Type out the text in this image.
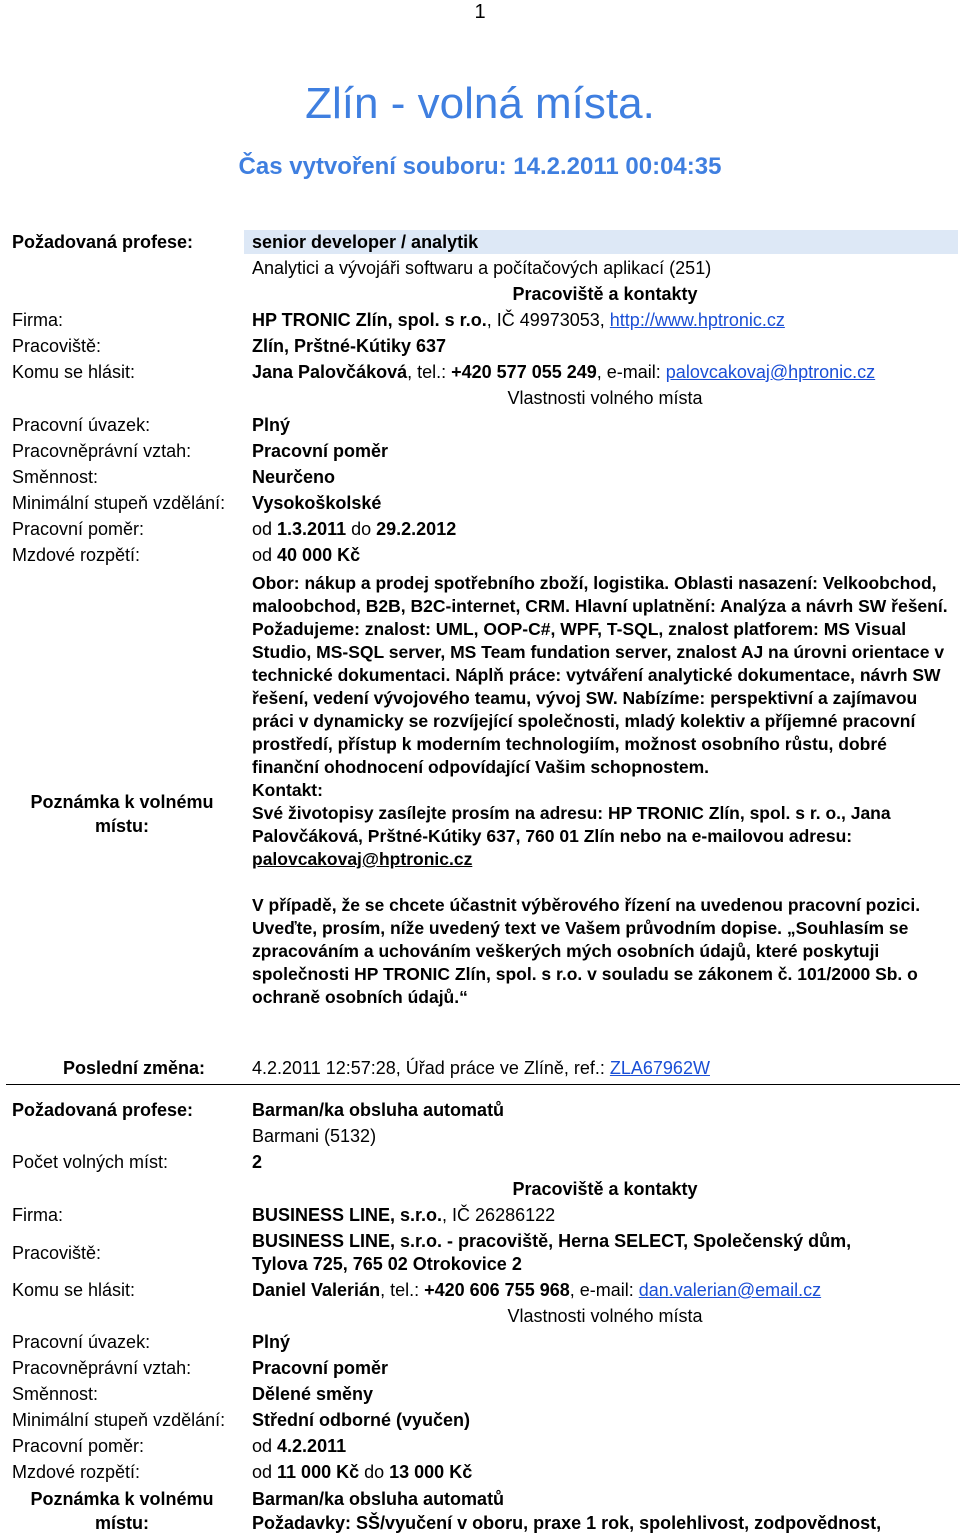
1
Zlín - volná místa.
Čas vytvoření souboru: 14.2.2011 00:04:35
Požadovaná profese:	senior developer / analytik
Analytici a vývojáři softwaru a počítačových aplikací (251)
Pracoviště a kontakty
Firma:	HP TRONIC Zlín, spol. s r.o., IČ 49973053, http://www.hptronic.cz
Pracoviště:	Zlín, Prštné-Kútiky 637
Komu se hlásit:	Jana Palovčáková, tel.: +420 577 055 249, e-mail: palovcakovaj@hptronic.cz
Vlastnosti volného místa
Pracovní úvazek:	Plný
Pracovněprávní vztah:	Pracovní poměr
Směnnost:	Neurčeno
Minimální stupeň vzdělání: Vysokoškolské
Pracovní poměr:	od 1.3.2011 do 29.2.2012
Mzdové rozpětí:	od 40 000 Kč
Poznámka k volnému
místu:

Obor: nákup a prodej spotřebního zboží, logistika. Oblasti nasazení: Velkoobchod, maloobchod, B2B, B2C-internet, CRM. Hlavní uplatnění: Analýza a návrh SW řešení.

Požadujeme: znalost: UML, OOP-C#, WPF, T-SQL, znalost platforem: MS Visual Studio, MS-SQL server, MS Team fundation server, znalost AJ na úrovni orientace v technické dokumentaci. Náplň práce: vytváření analytické dokumentace, návrh SW řešení, vedení vývojového teamu, vývoj SW. Nabízíme: perspektivní a zajímavou práci v dynamicky se rozvíjející společnosti, mladý kolektiv a příjemné pracovní prostředí, přístup k moderním technologiím, možnost osobního růstu, dobré finanční ohodnocení odpovídající Vašim schopnostem.

Kontakt:

Své životopisy zasílejte prosím na adresu: HP TRONIC Zlín, spol. s r. o., Jana Palovčáková, Prštné-Kútiky 637, 760 01 Zlín nebo na e-mailovou adresu: palovcakovaj@hptronic.cz

V případě, že se chcete účastnit výběrového řízení na uvedenou pracovní pozici. Uveďte, prosím, níže uvedený text ve Vašem průvodním dopise. „Souhlasím se zpracováním a uchováním veškerých mých osobních údajů, které poskytuji společnosti HP TRONIC Zlín, spol. s r.o. v souladu se zákonem č. 101/2000 Sb. o ochraně osobních údajů.“

Poslední změna:	4.2.2011 12:57:28, Úřad práce ve Zlíně, ref.: ZLA67962W
Požadovaná profese:	Barman/ka obsluha automatů
Barmani (5132)
Počet volných míst:	2
Pracoviště a kontakty
Firma:	BUSINESS LINE, s.r.o., IČ 26286122
Pracoviště:
BUSINESS LINE, s.r.o. - pracoviště, Herna SELECT, Společenský dům,
Tylova 725, 765 02 Otrokovice 2
Komu se hlásit:	Daniel Valerián, tel.: +420 606 755 968, e-mail: dan.valerian@email.cz
Vlastnosti volného místa
Pracovní úvazek:	Plný
Pracovněprávní vztah:	Pracovní poměr
Směnnost:	Dělené směny
Minimální stupeň vzdělání: Střední odborné (vyučen)
Pracovní poměr:	od 4.2.2011
Mzdové rozpětí:	od 11 000 Kč do 13 000 Kč
Poznámka k volnému
místu:
Barman/ka obsluha automatů
Požadavky: SŠ/vyučení v oboru, praxe 1 rok, spolehlivost, zodpovědnost,
